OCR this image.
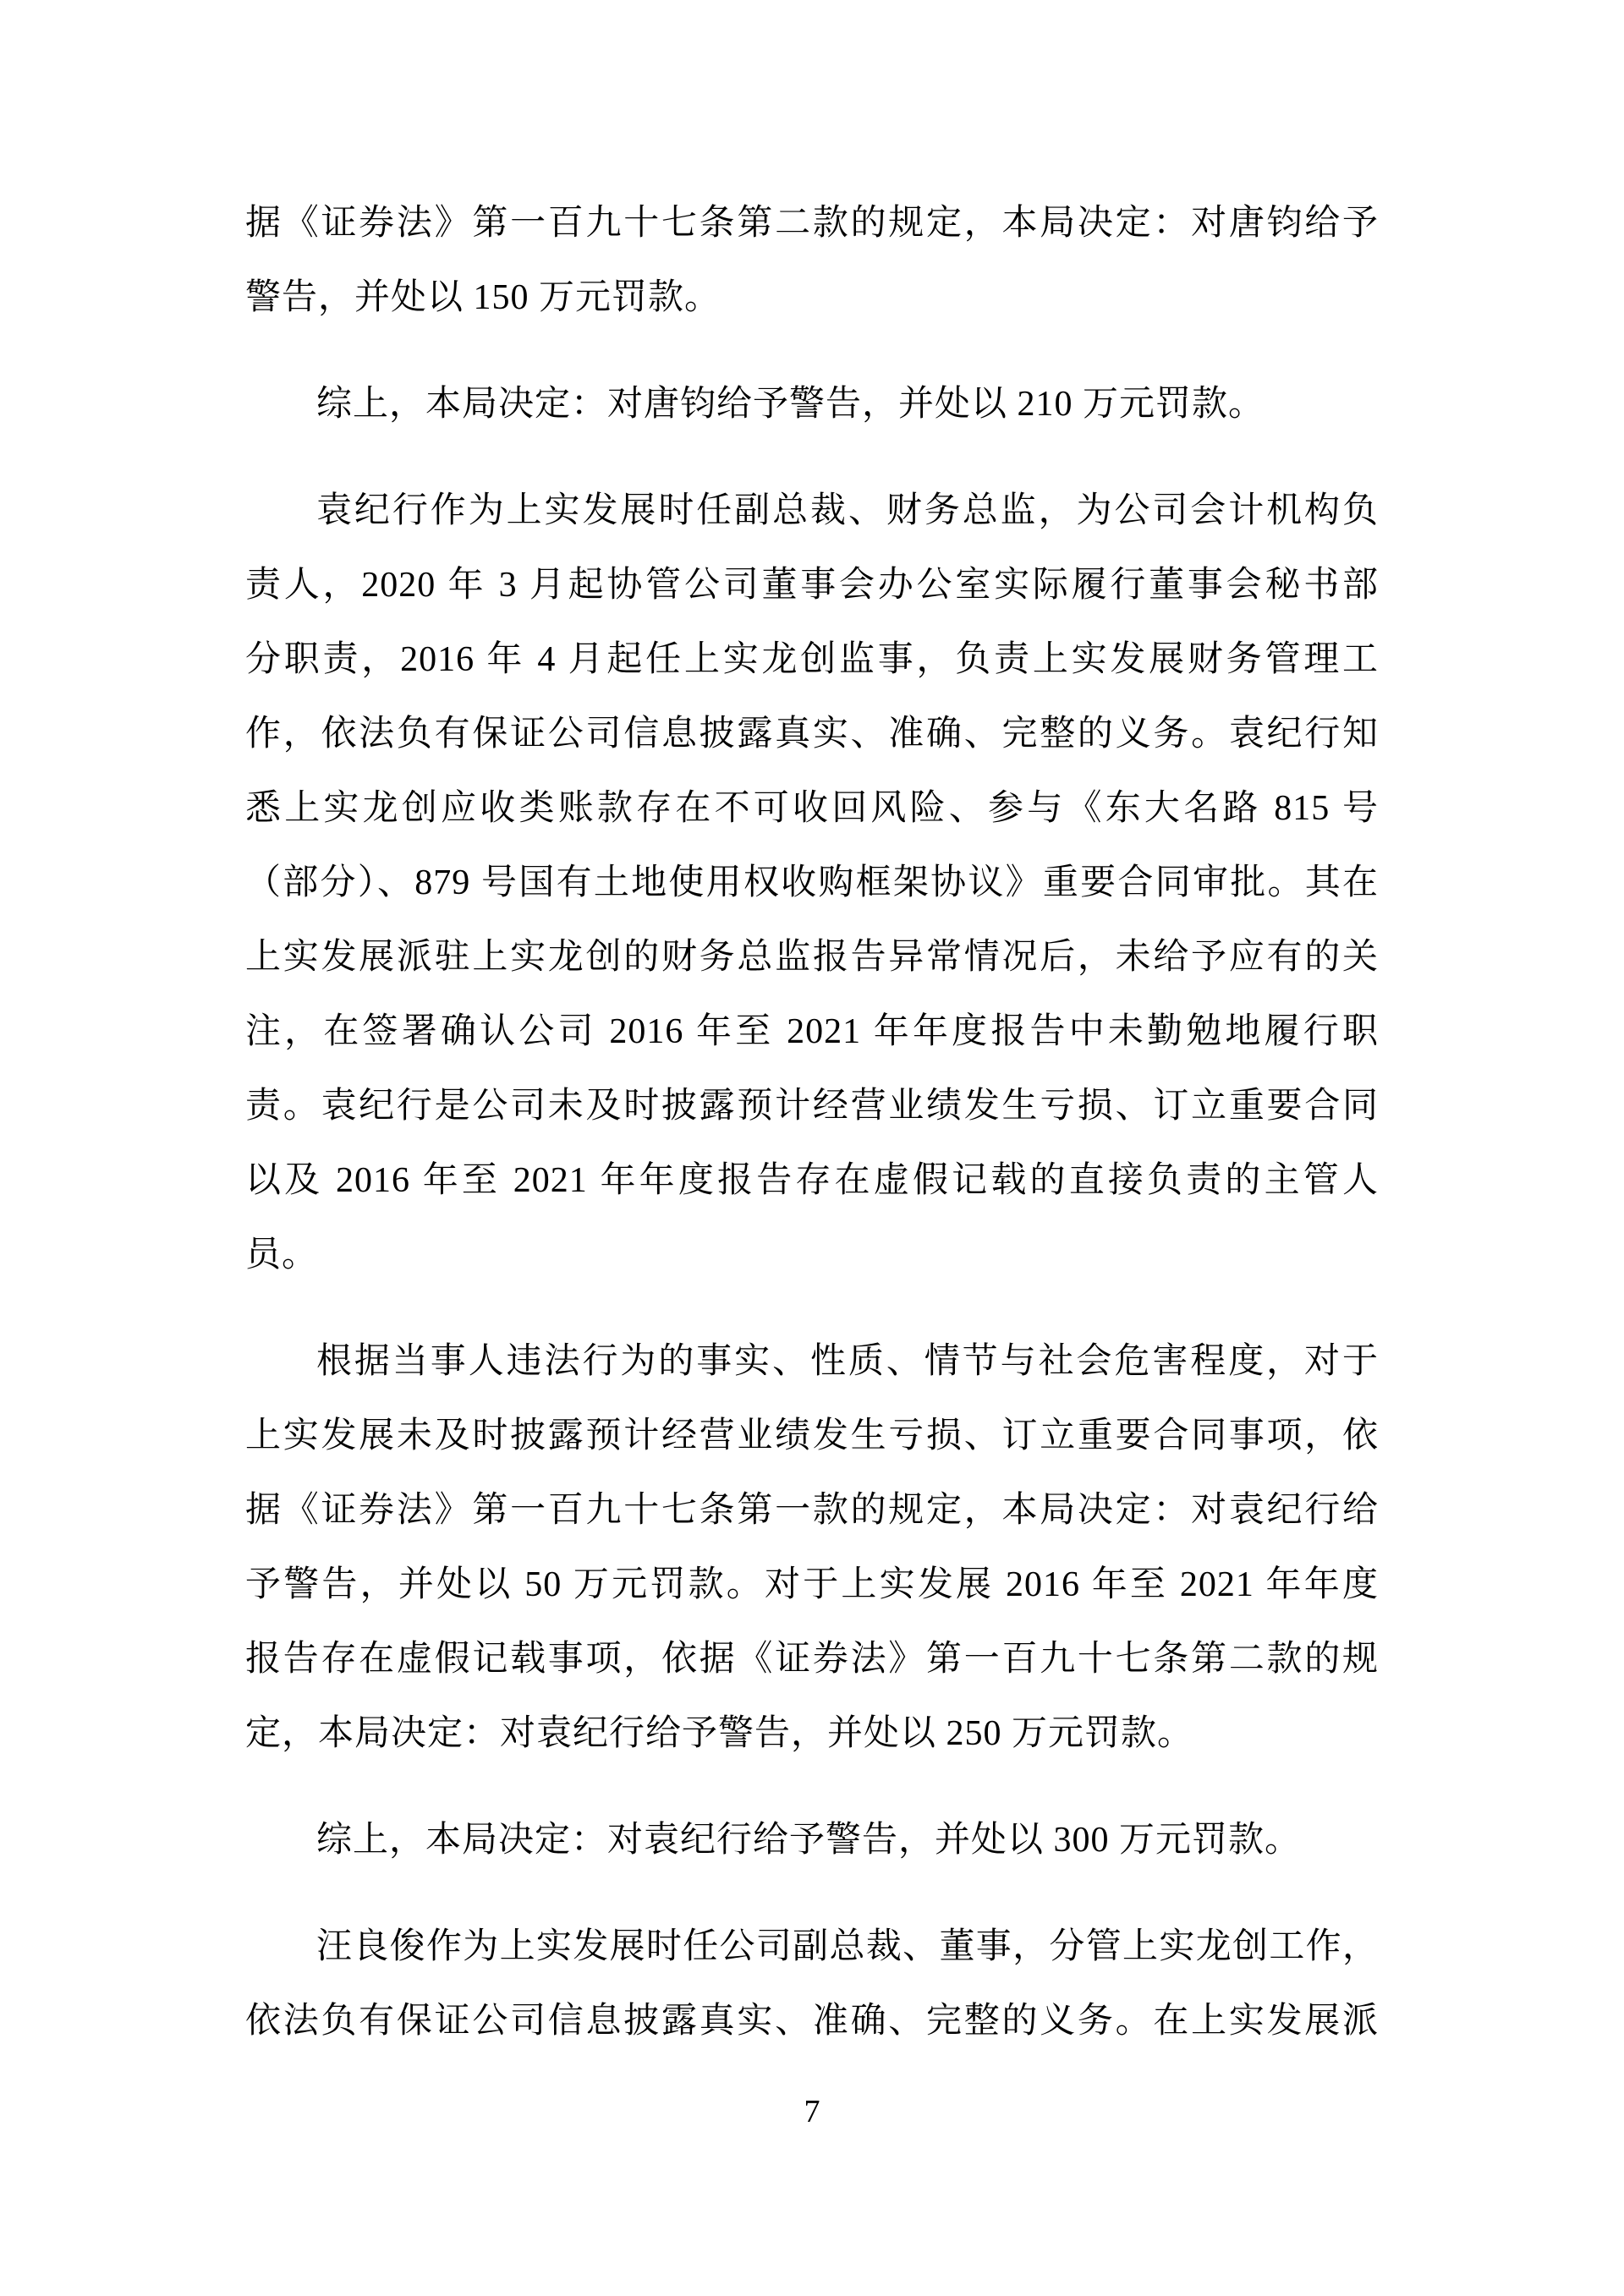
据《证券法》第一百九十七条第二款的规定，本局决定：对唐钧给予
警告，并处以 150 万元罚款。
综上，本局决定：对唐钧给予警告，并处以 210 万元罚款。
袁纪行作为上实发展时任副总裁、财务总监，为公司会计机构负
责人，2020 年 3 月起协管公司董事会办公室实际履行董事会秘书部
分职责，2016 年 4 月起任上实龙创监事，负责上实发展财务管理工
作，依法负有保证公司信息披露真实、准确、完整的义务。袁纪行知
悉上实龙创应收类账款存在不可收回风险、参与《东大名路 815 号
（部分）、879 号国有土地使用权收购框架协议》重要合同审批。其在
上实发展派驻上实龙创的财务总监报告异常情况后，未给予应有的关
注，在签署确认公司 2016 年至 2021 年年度报告中未勤勉地履行职
责。袁纪行是公司未及时披露预计经营业绩发生亏损、订立重要合同
以及 2016 年至 2021 年年度报告存在虚假记载的直接负责的主管人
员。
根据当事人违法行为的事实、性质、情节与社会危害程度，对于
上实发展未及时披露预计经营业绩发生亏损、订立重要合同事项，依
据《证券法》第一百九十七条第一款的规定，本局决定：对袁纪行给
予警告，并处以 50 万元罚款。对于上实发展 2016 年至 2021 年年度
报告存在虚假记载事项，依据《证券法》第一百九十七条第二款的规
定，本局决定：对袁纪行给予警告，并处以 250 万元罚款。
综上，本局决定：对袁纪行给予警告，并处以 300 万元罚款。
汪良俊作为上实发展时任公司副总裁、董事，分管上实龙创工作，
依法负有保证公司信息披露真实、准确、完整的义务。在上实发展派
7
